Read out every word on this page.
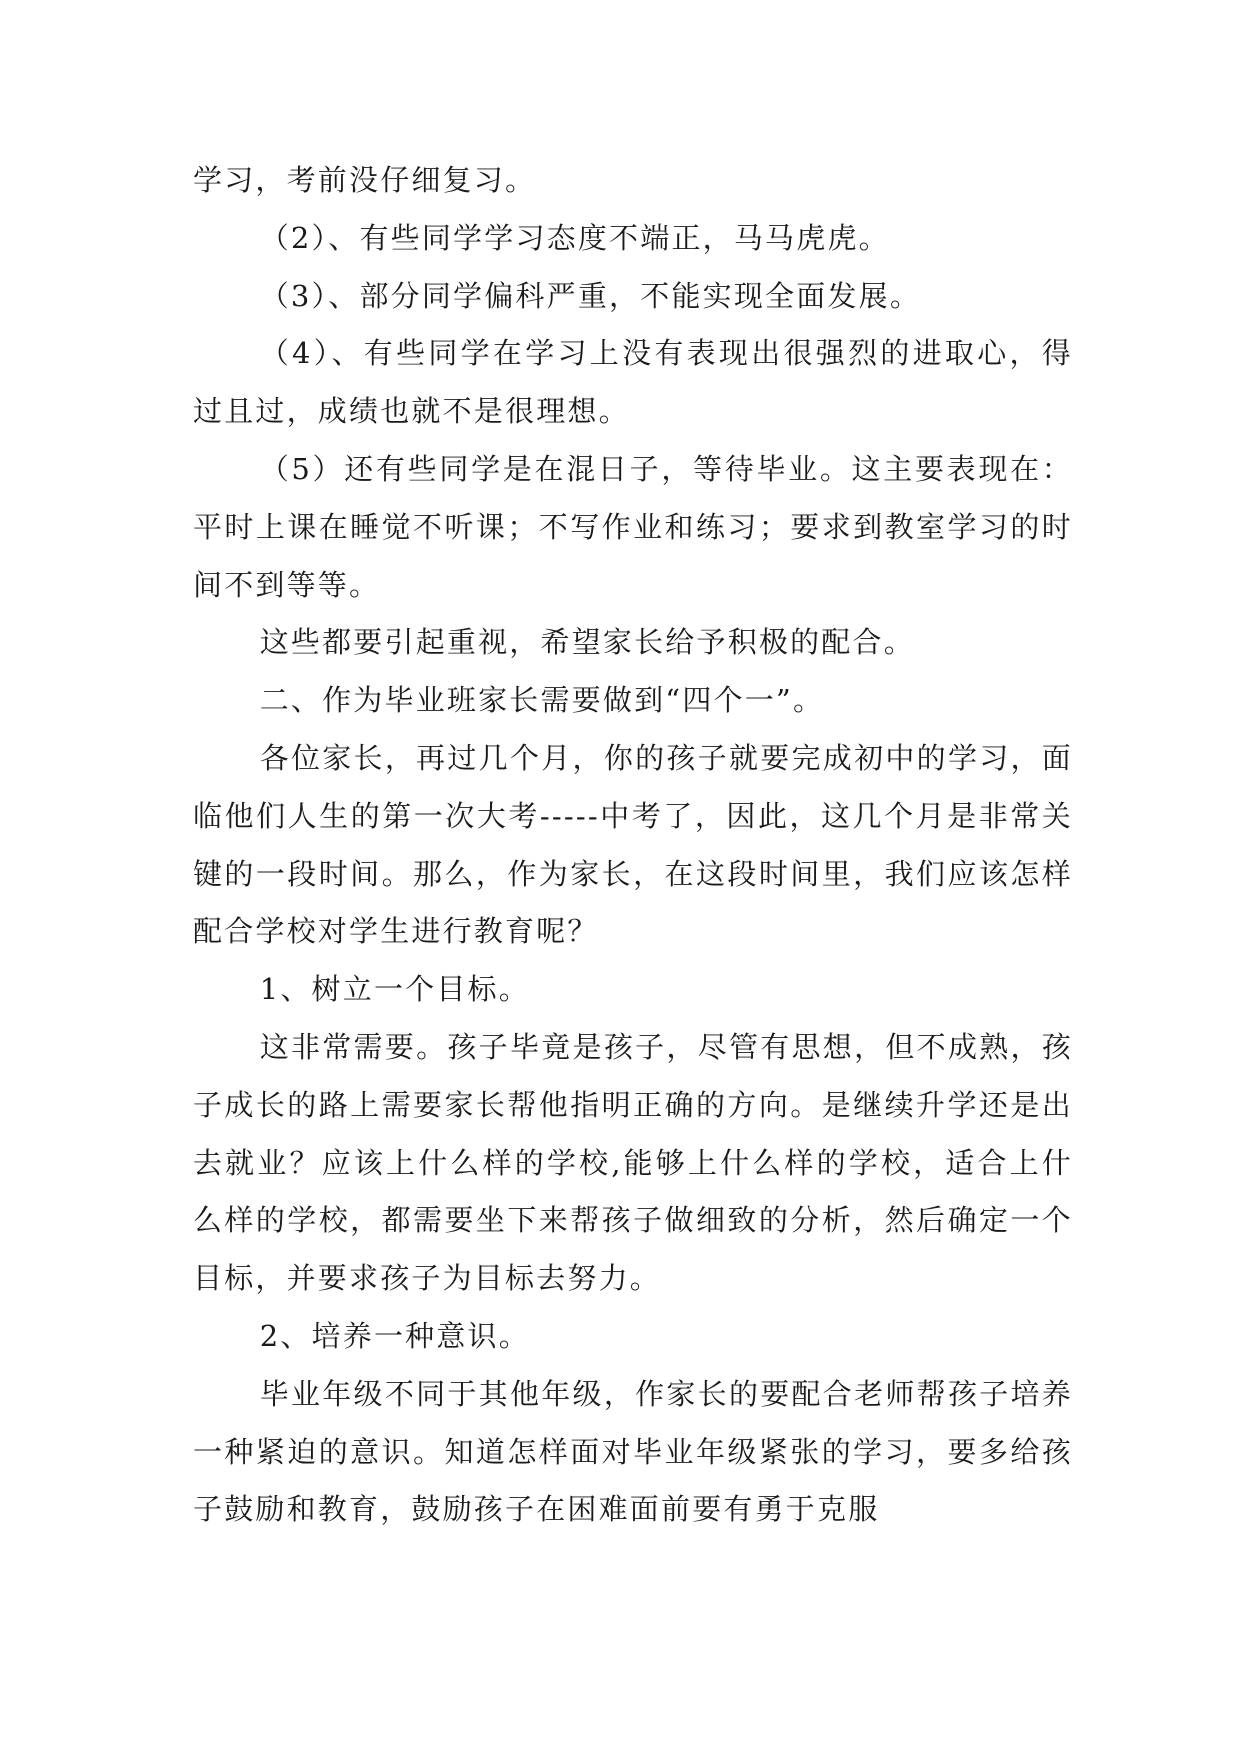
学习，考前没仔细复习。

（2）、有些同学学习态度不端正，马马虎虎。

（3）、部分同学偏科严重，不能实现全面发展。

（4）、有些同学在学习上没有表现出很强烈的进取心，得过且过，成绩也就不是很理想。

（5）还有些同学是在混日子，等待毕业。这主要表现在：平时上课在睡觉不听课；不写作业和练习；要求到教室学习的时间不到等等。

这些都要引起重视，希望家长给予积极的配合。

二、作为毕业班家长需要做到“四个一”。

各位家长，再过几个月，你的孩子就要完成初中的学习，面临他们人生的第一次大考-----中考了，因此，这几个月是非常关键的一段时间。那么，作为家长，在这段时间里，我们应该怎样配合学校对学生进行教育呢？

1、树立一个目标。

这非常需要。孩子毕竟是孩子，尽管有思想，但不成熟，孩子成长的路上需要家长帮他指明正确的方向。是继续升学还是出去就业？应该上什么样的学校,能够上什么样的学校，适合上什么样的学校，都需要坐下来帮孩子做细致的分析，然后确定一个目标，并要求孩子为目标去努力。

2、培养一种意识。

毕业年级不同于其他年级，作家长的要配合老师帮孩子培养一种紧迫的意识。知道怎样面对毕业年级紧张的学习，要多给孩子鼓励和教育，鼓励孩子在困难面前要有勇于克服
